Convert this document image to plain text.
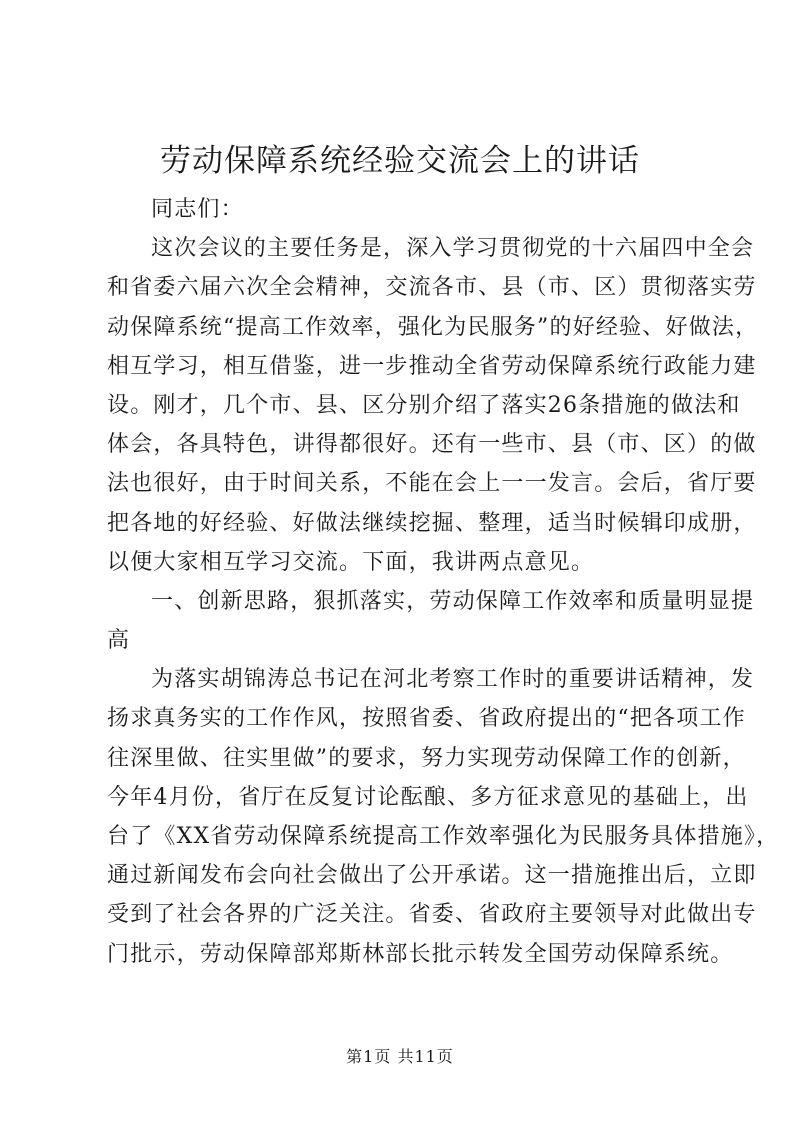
劳动保障系统经验交流会上的讲话

同志们：

这次会议的主要任务是，深入学习贯彻党的十六届四中全会

和省委六届六次全会精神，交流各市、县（市、区）贯彻落实劳

动保障系统“提高工作效率，强化为民服务”的好经验、好做法，

相互学习，相互借鉴，进一步推动全省劳动保障系统行政能力建

设。刚才，几个市、县、区分别介绍了落实26条措施的做法和

体会，各具特色，讲得都很好。还有一些市、县（市、区）的做

法也很好，由于时间关系，不能在会上一一发言。会后，省厅要

把各地的好经验、好做法继续挖掘、整理，适当时候辑印成册，

以便大家相互学习交流。下面，我讲两点意见。

一、创新思路，狠抓落实，劳动保障工作效率和质量明显提

高

为落实胡锦涛总书记在河北考察工作时的重要讲话精神，发

扬求真务实的工作作风，按照省委、省政府提出的“把各项工作

往深里做、往实里做”的要求，努力实现劳动保障工作的创新，

今年4月份，省厅在反复讨论酝酿、多方征求意见的基础上，出

台了《XX省劳动保障系统提高工作效率强化为民服务具体措施》，

通过新闻发布会向社会做出了公开承诺。这一措施推出后，立即

受到了社会各界的广泛关注。省委、省政府主要领导对此做出专

门批示，劳动保障部郑斯林部长批示转发全国劳动保障系统。

第1页 共11页
